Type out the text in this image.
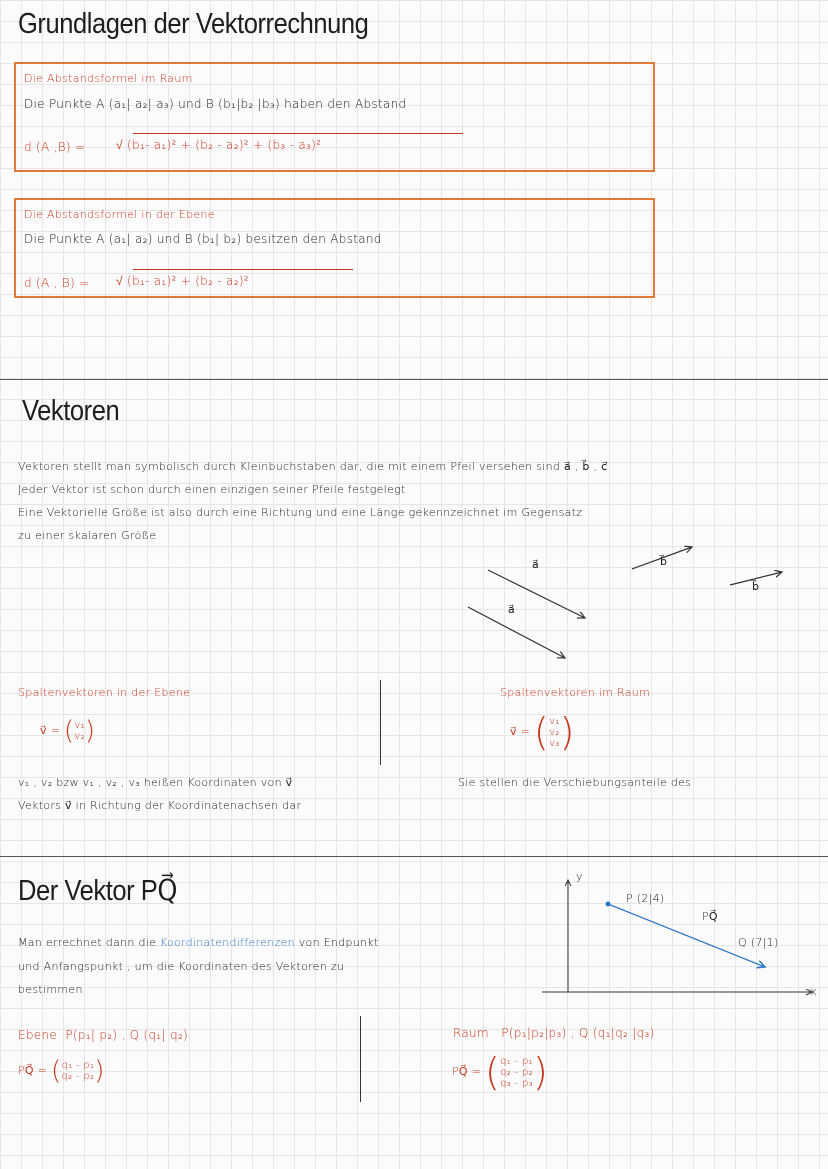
Grundlagen der Vektorrechnung
Die Abstandsformel im Raum
Die Punkte A (a₁| a₂| a₃) und B (b₁|b₂ |b₃) haben den Abstand
d (A ,B) =	√ (b₁- a₁)² + (b₂ - a₂)² + (b₃ - a₃)²
Die Abstandsformel in der Ebene
Die Punkte A (a₁| a₂) und B (b₁| b₂) besitzen den Abstand
d (A , B) = √ (b₁- a₁)² + (b₂ - a₂)²
Vektoren
Vektoren stellt man symbolisch durch Kleinbuchstaben dar, die mit einem Pfeil versehen sind a⃗ , b⃗ , c⃗
Jeder Vektor ist schon durch einen einzigen seiner Pfeile festgelegt
Eine Vektorielle Größe ist also durch eine Richtung und eine Länge gekennzeichnet im Gegensatz
zu einer skalaren Größe
a⃗
a⃗
b⃗
b⃗
Spaltenvektoren in der Ebene	Spaltenvektoren im Raum
v⃗ = (v₁
v₂)	v⃗ = (v₁
v₂
v₃)
v₁ , v₂ bzw v₁ , v₂ , v₃ heißen Koordinaten von v⃗	Sie stellen die Verschiebungsanteile des
Vektors v⃗ in Richtung der Koordinatenachsen dar
Der Vektor PQ⃗
Man errechnet dann die Koordinatendifferenzen von Endpunkt
und Anfangspunkt , um die Koordinaten des Vektoren zu
bestimmen
y
x
P (2|4)
Q (7|1)
PQ⃗
Ebene P(p₁| p₂) , Q (q₁| q₂)
PQ⃗ = (q₁ - p₁
q₂ - p₂)
Raum P(p₁|p₂|p₃) , Q (q₁|q₂ |q₃)
PQ⃗ = (q₁ - p₁
q₂ - p₂
q₃ - p₃)
